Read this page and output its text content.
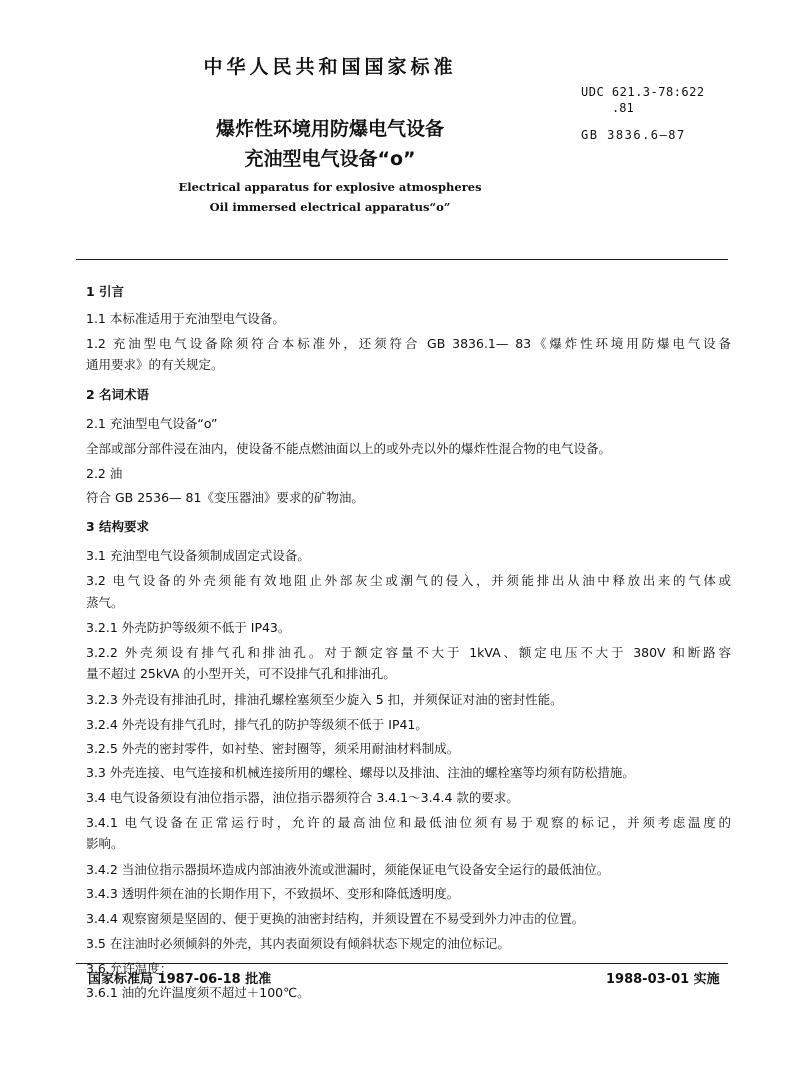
中华人民共和国国家标准
UDC 621.3-78:622
.81
GB 3836.6—87
爆炸性环境用防爆电气设备
充油型电气设备“o”
Electrical apparatus for explosive atmospheres
Oil immersed electrical apparatus“o”
1 引言
1.1 本标准适用于充油型电气设备。
1.2 充油型电气设备除须符合本标准外，还须符合 GB 3836.1— 83《爆炸性环境用防爆电气设备
通用要求》的有关规定。
2 名词术语
2.1 充油型电气设备“o”
全部或部分部件浸在油内，使设备不能点燃油面以上的或外壳以外的爆炸性混合物的电气设备。
2.2 油
符合 GB 2536— 81《变压器油》要求的矿物油。
3 结构要求
3.1 充油型电气设备须制成固定式设备。
3.2 电气设备的外壳须能有效地阻止外部灰尘或潮气的侵入，并须能排出从油中释放出来的气体或
蒸气。
3.2.1 外壳防护等级须不低于 IP43。
3.2.2 外壳须设有排气孔和排油孔。对于额定容量不大于 1kVA、额定电压不大于 380V 和断路容
量不超过 25kVA 的小型开关，可不设排气孔和排油孔。
3.2.3 外壳设有排油孔时，排油孔螺栓塞须至少旋入 5 扣，并须保证对油的密封性能。
3.2.4 外壳设有排气孔时，排气孔的防护等级须不低于 IP41。
3.2.5 外壳的密封零件，如衬垫、密封圈等，须采用耐油材料制成。
3.3 外壳连接、电气连接和机械连接所用的螺栓、螺母以及排油、注油的螺栓塞等均须有防松措施。
3.4 电气设备须设有油位指示器，油位指示器须符合 3.4.1～3.4.4 款的要求。
3.4.1 电气设备在正常运行时，允许的最高油位和最低油位须有易于观察的标记，并须考虑温度的
影响。
3.4.2 当油位指示器损坏造成内部油液外流或泄漏时，须能保证电气设备安全运行的最低油位。
3.4.3 透明件须在油的长期作用下，不致损坏、变形和降低透明度。
3.4.4 观察窗须是坚固的、便于更换的油密封结构，并须设置在不易受到外力冲击的位置。
3.5 在注油时必须倾斜的外壳，其内表面须设有倾斜状态下规定的油位标记。
3.6 允许温度：
3.6.1 油的允许温度须不超过＋100℃。
国家标准局 1987-06-18 批准	1988-03-01 实施
